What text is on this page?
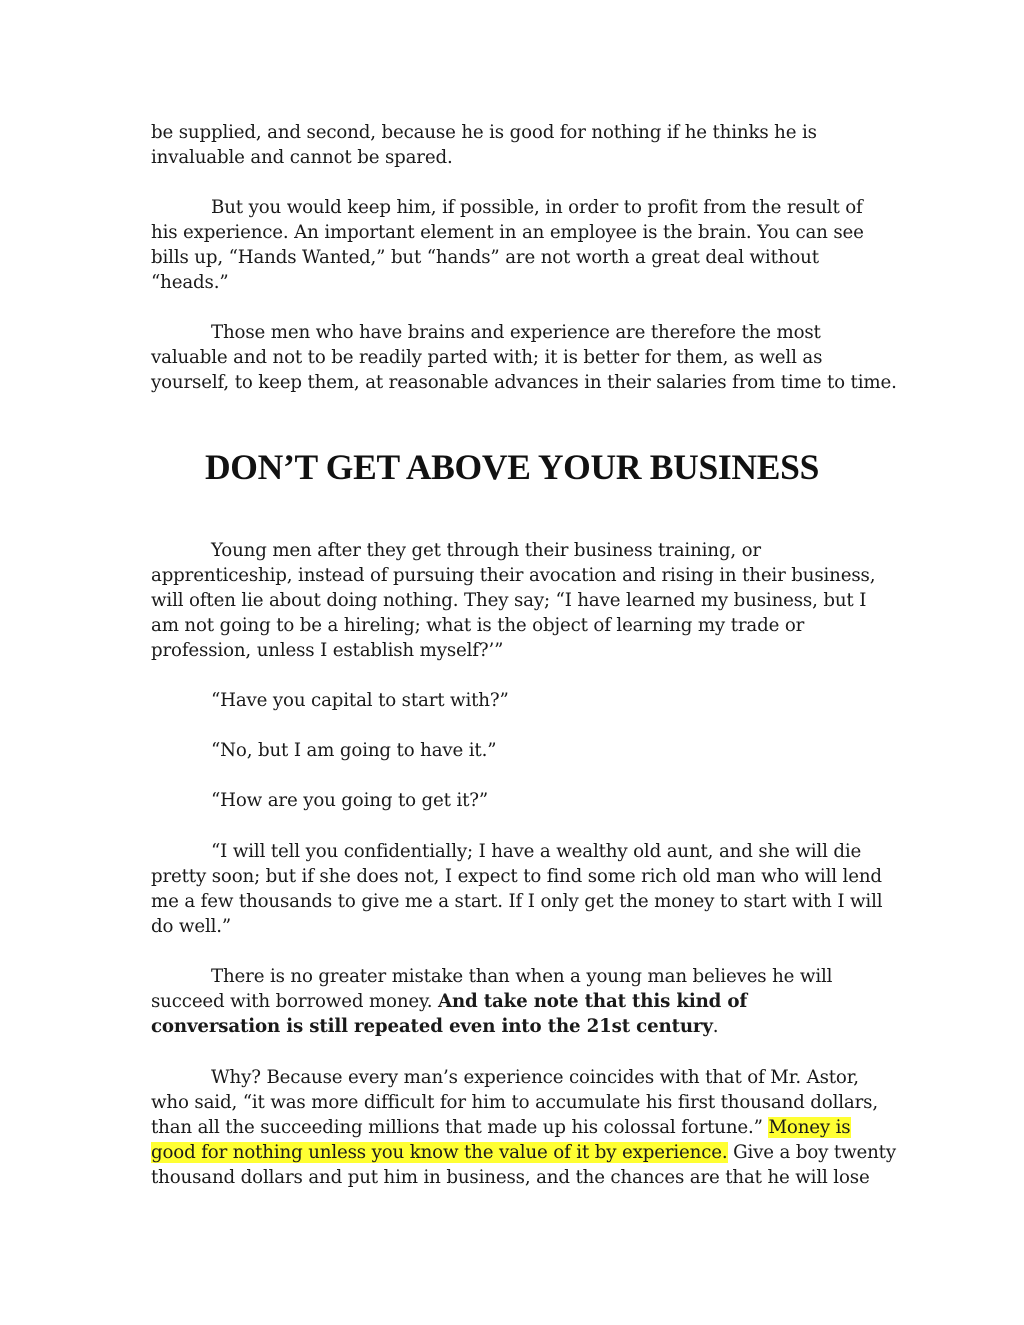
be supplied, and second, because he is good for nothing if he thinks he is
invaluable and cannot be spared.
But you would keep him, if possible, in order to profit from the result of
his experience. An important element in an employee is the brain. You can see
bills up, “Hands Wanted,” but “hands” are not worth a great deal without
“heads.”
Those men who have brains and experience are therefore the most
valuable and not to be readily parted with; it is better for them, as well as
yourself, to keep them, at reasonable advances in their salaries from time to time.
DON’T GET ABOVE YOUR BUSINESS
Young men after they get through their business training, or
apprenticeship, instead of pursuing their avocation and rising in their business,
will often lie about doing nothing. They say; “I have learned my business, but I
am not going to be a hireling; what is the object of learning my trade or
profession, unless I establish myself?’”
“Have you capital to start with?”
“No, but I am going to have it.”
“How are you going to get it?”
“I will tell you confidentially; I have a wealthy old aunt, and she will die
pretty soon; but if she does not, I expect to find some rich old man who will lend
me a few thousands to give me a start. If I only get the money to start with I will
do well.”
There is no greater mistake than when a young man believes he will
succeed with borrowed money. And take note that this kind of
conversation is still repeated even into the 21st century.
Why? Because every man’s experience coincides with that of Mr. Astor,
who said, “it was more difficult for him to accumulate his first thousand dollars,
than all the succeeding millions that made up his colossal fortune.” Money is
good for nothing unless you know the value of it by experience. Give a boy twenty
thousand dollars and put him in business, and the chances are that he will lose
